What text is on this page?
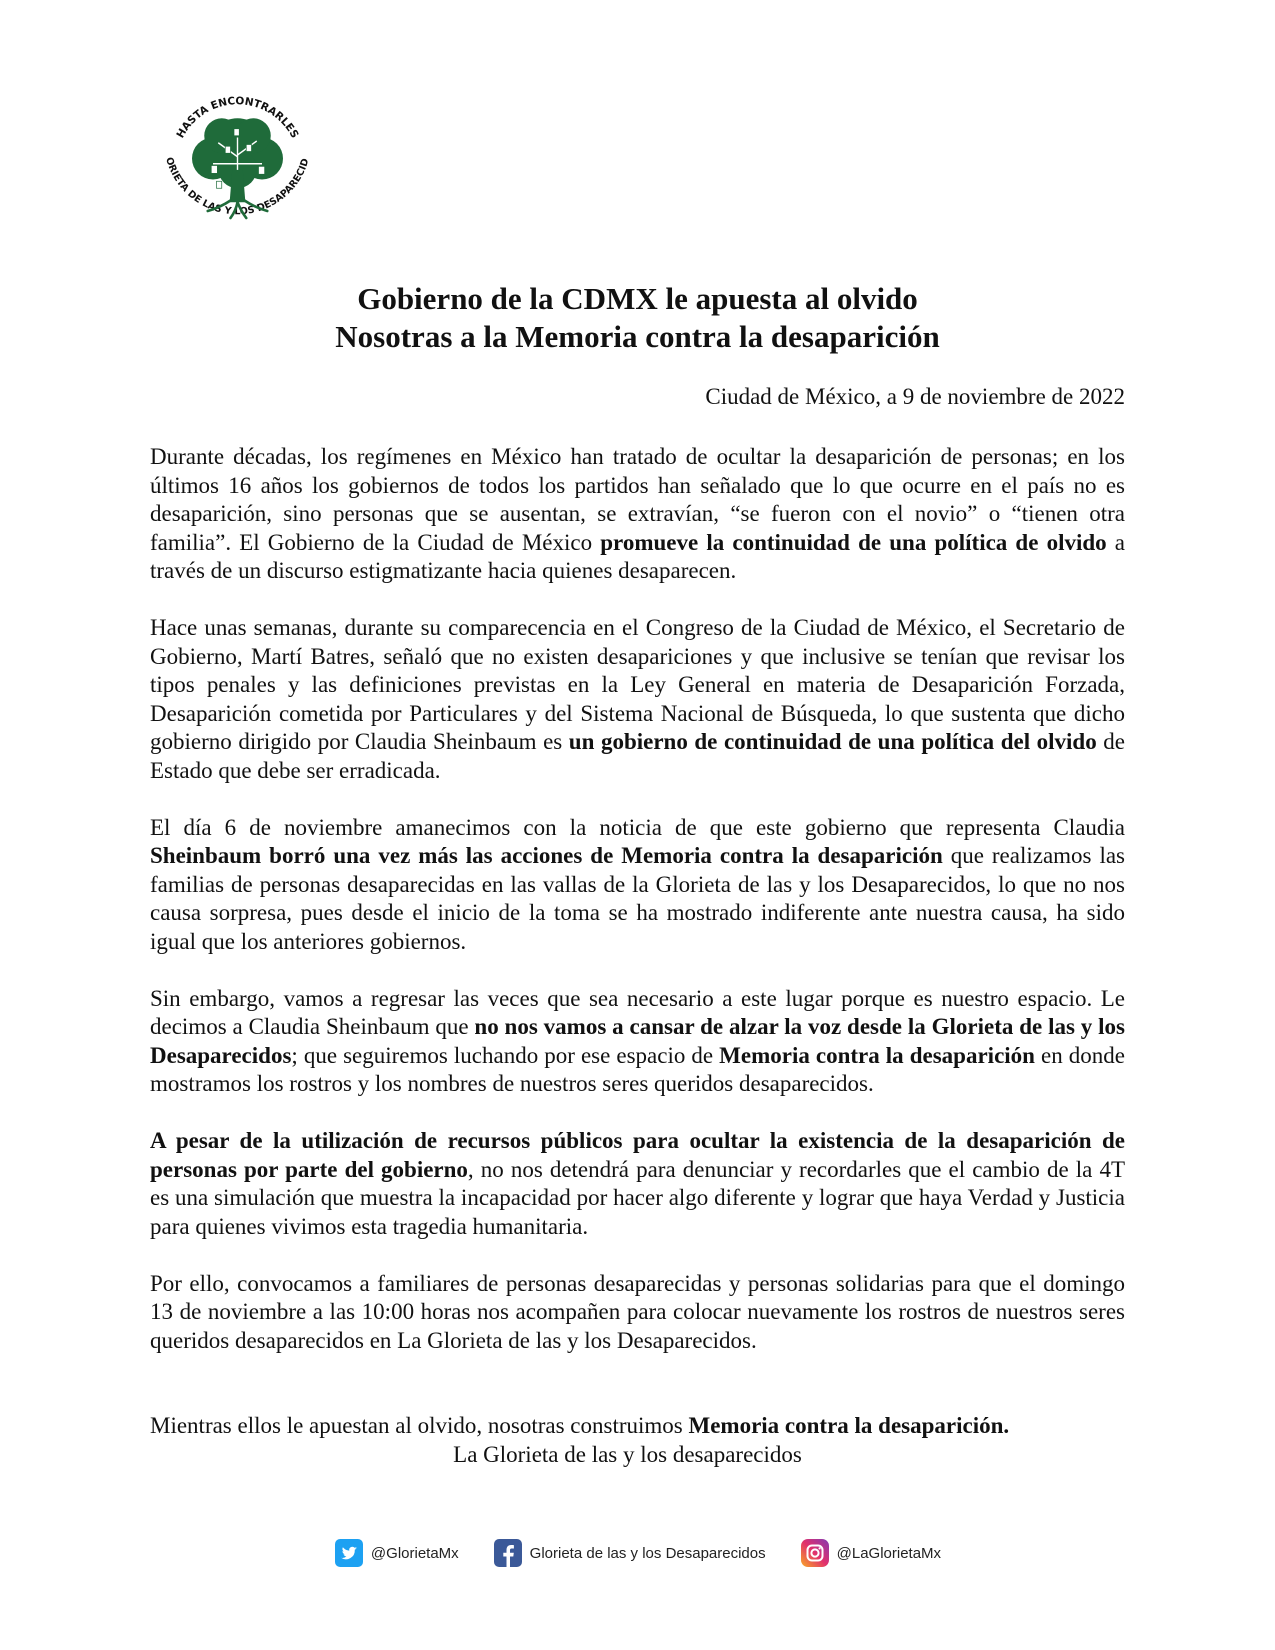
HASTA ENCONTRARLES
ORIETA DE LAS Y LOS DESAPARECID
Gobierno de la CDMX le apuesta al olvido
Nosotras a la Memoria contra la desaparición
Ciudad de México, a 9 de noviembre de 2022

Durante décadas, los regímenes en México han tratado de ocultar la desaparición de personas; en los últimos 16 años los gobiernos de todos los partidos han señalado que lo que ocurre en el país no es desaparición, sino personas que se ausentan, se extravían, “se fueron con el novio” o “tienen otra familia”. El Gobierno de la Ciudad de México promueve la continuidad de una política de olvido a través de un discurso estigmatizante hacia quienes desaparecen.

Hace unas semanas, durante su comparecencia en el Congreso de la Ciudad de México, el Secretario de Gobierno, Martí Batres, señaló que no existen desapariciones y que inclusive se tenían que revisar los tipos penales y las definiciones previstas en la Ley General en materia de Desaparición Forzada, Desaparición cometida por Particulares y del Sistema Nacional de Búsqueda, lo que sustenta que dicho gobierno dirigido por Claudia Sheinbaum es un gobierno de continuidad de una política del olvido de Estado que debe ser erradicada.

El día 6 de noviembre amanecimos con la noticia de que este gobierno que representa Claudia Sheinbaum borró una vez más las acciones de Memoria contra la desaparición que realizamos las familias de personas desaparecidas en las vallas de la Glorieta de las y los Desaparecidos, lo que no nos causa sorpresa, pues desde el inicio de la toma se ha mostrado indiferente ante nuestra causa, ha sido igual que los anteriores gobiernos.

Sin embargo, vamos a regresar las veces que sea necesario a este lugar porque es nuestro espacio. Le decimos a Claudia Sheinbaum que no nos vamos a cansar de alzar la voz desde la Glorieta de las y los Desaparecidos; que seguiremos luchando por ese espacio de Memoria contra la desaparición en donde mostramos los rostros y los nombres de nuestros seres queridos desaparecidos.

A pesar de la utilización de recursos públicos para ocultar la existencia de la desaparición de personas por parte del gobierno, no nos detendrá para denunciar y recordarles que el cambio de la 4T es una simulación que muestra la incapacidad por hacer algo diferente y lograr que haya Verdad y Justicia para quienes vivimos esta tragedia humanitaria.

Por ello, convocamos a familiares de personas desaparecidas y personas solidarias para que el domingo 13 de noviembre a las 10:00 horas nos acompañen para colocar nuevamente los rostros de nuestros seres queridos desaparecidos en La Glorieta de las y los Desaparecidos.

Mientras ellos le apuestan al olvido, nosotras construimos Memoria contra la desaparición.
La Glorieta de las y los desaparecidos
@GlorietaMx	Glorieta de las y los Desaparecidos	@LaGlorietaMx
